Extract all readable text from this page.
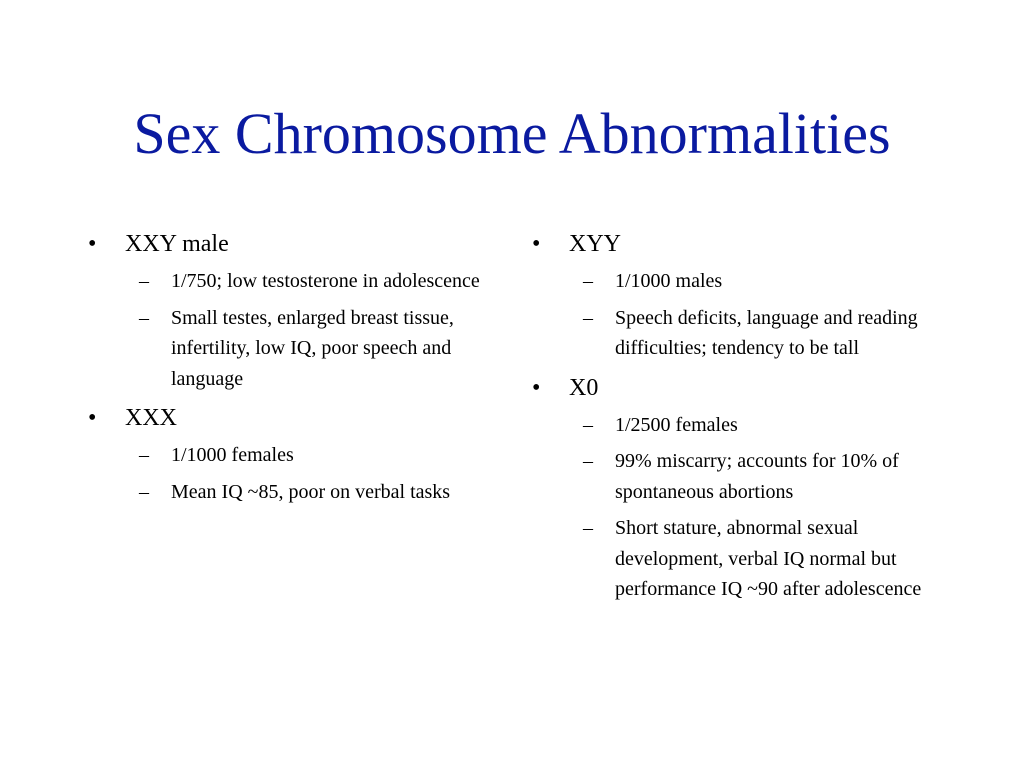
Sex Chromosome Abnormalities
• XXY male
– 1/750; low testosterone in adolescence
– Small testes, enlarged breast tissue, infertility, low IQ, poor speech and language
• XXX
– 1/1000 females
– Mean IQ ~85, poor on verbal tasks
• XYY
– 1/1000 males
– Speech deficits, language and reading difficulties; tendency to be tall
• X0
– 1/2500 females
– 99% miscarry; accounts for 10% of spontaneous abortions
– Short stature, abnormal sexual development, verbal IQ normal but performance IQ ~90 after adolescence
